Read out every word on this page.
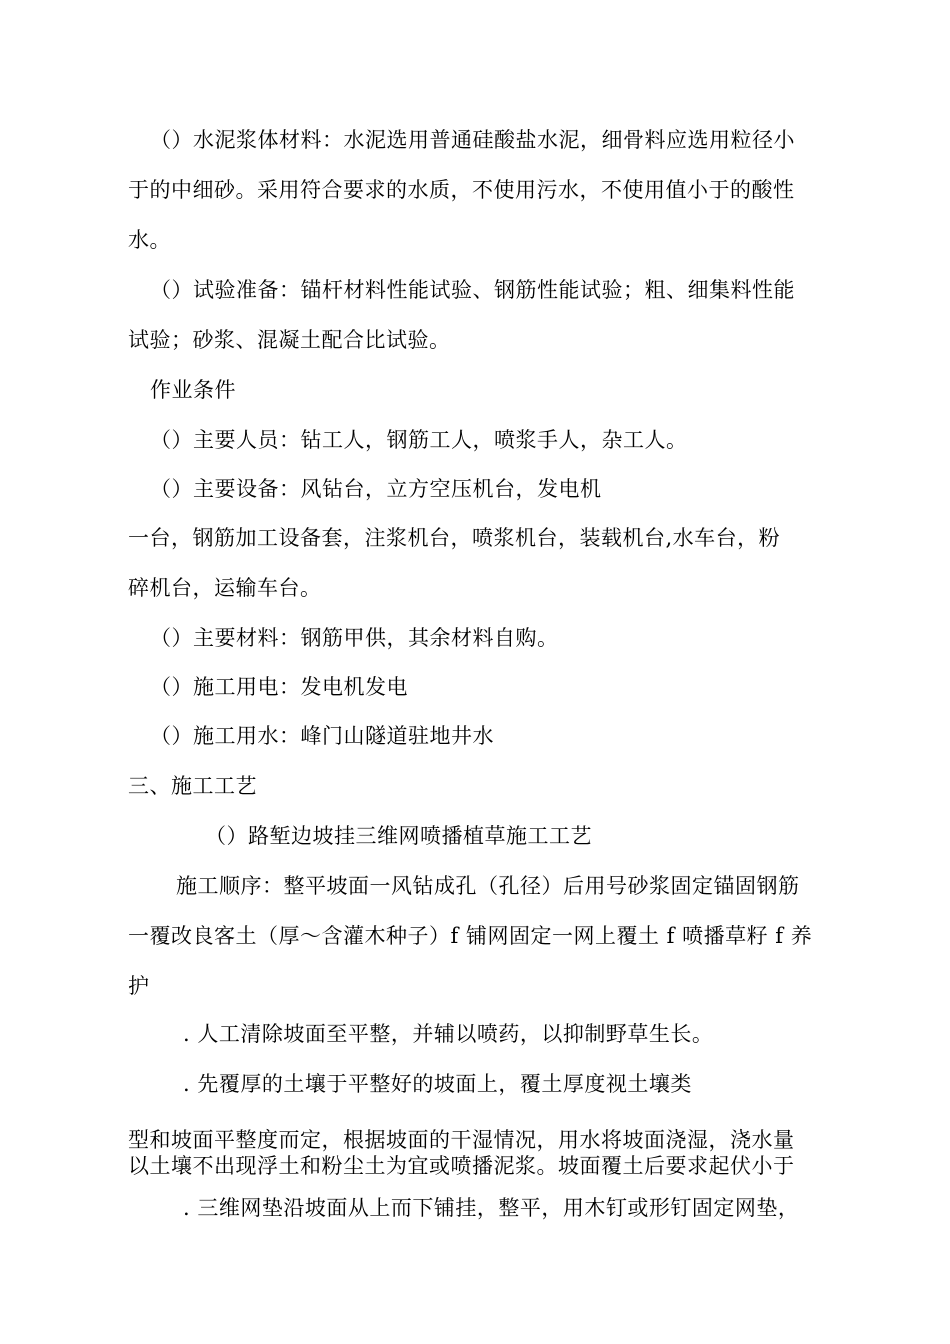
（）水泥浆体材料：水泥选用普通硅酸盐水泥，细骨料应选用粒径小
于的中细砂。采用符合要求的水质，不使用污水，不使用值小于的酸性
水。
（）试验准备：锚杆材料性能试验、钢筋性能试验；粗、细集料性能
试验；砂浆、混凝土配合比试验。
作业条件
（）主要人员：钻工人，钢筋工人，喷浆手人，杂工人。
（）主要设备：风钻台，立方空压机台，发电机
一台，钢筋加工设备套，注浆机台，喷浆机台，装载机台,水车台，粉
碎机台，运输车台。
（）主要材料：钢筋甲供，其余材料自购。
（）施工用电：发电机发电
（）施工用水：峰门山隧道驻地井水
三、施工工艺
（）路堑边坡挂三维网喷播植草施工工艺
施工顺序：整平坡面一风钻成孔（孔径）后用号砂浆固定锚固钢筋
一覆改良客土（厚～含灌木种子）f 铺网固定一网上覆土 f 喷播草籽 f 养
护
. 人工清除坡面至平整，并辅以喷药，以抑制野草生长。
. 先覆厚的土壤于平整好的坡面上，覆土厚度视土壤类
型和坡面平整度而定，根据坡面的干湿情况，用水将坡面浇湿，浇水量
以土壤不出现浮土和粉尘土为宜或喷播泥浆。坡面覆土后要求起伏小于
. 三维网垫沿坡面从上而下铺挂，整平，用木钉或形钉固定网垫，
